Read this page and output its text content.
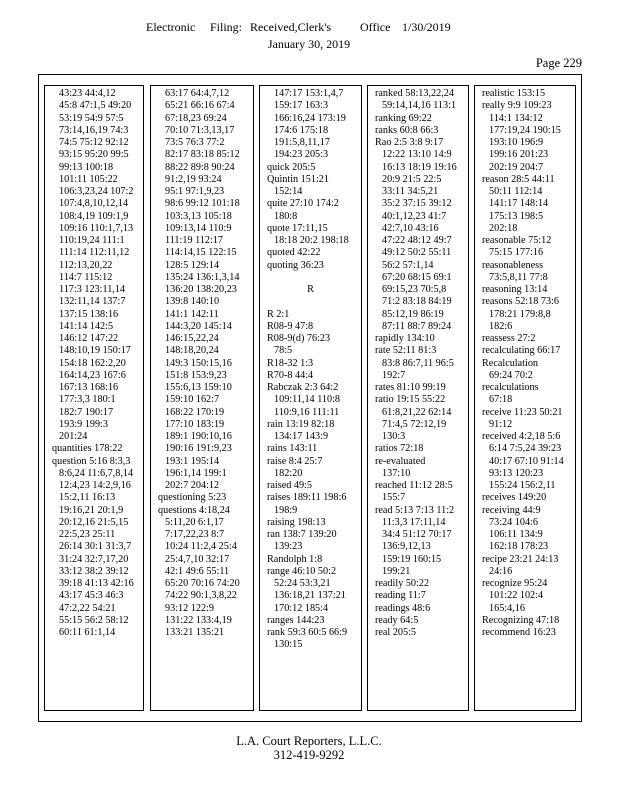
Electronic Filing: Received,Clerk's Office 1/30/2019
January 30, 2019
Page 229
43:23 44:4,12
45:8 47:1,5 49:20
53:19 54:9 57:5
73:14,16,19 74:3
74:5 75:12 92:12
93:15 95:20 99:5
99:13 100:18
101:11 105:22
106:3,23,24 107:2
107:4,8,10,12,14
108:4,19 109:1,9
109:16 110:1,7,13
110:19,24 111:1
111:14 112:11,12
112:13,20,22
114:7 115:12
117:3 123:11,14
132:11,14 137:7
137:15 138:16
141:14 142:5
146:12 147:22
148:10,19 150:17
154:18 162:2,20
164:14,23 167:6
167:13 168:16
177:3,3 180:1
182:7 190:17
193:9 199:3
201:24
quantities 178:22
question 5:16 8:3,3
8:6,24 11:6,7,8,14
12:4,23 14:2,9,16
15:2,11 16:13
19:16,21 20:1,9
20:12,16 21:5,15
22:5,23 25:11
26:14 30:1 31:3,7
31:24 32:7,17,20
33:12 38:2 39:12
39:18 41:13 42:16
43:17 45:3 46:3
47:2,22 54:21
55:15 56:2 58:12
60:11 61:1,14
63:17 64:4,7,12
65:21 66:16 67:4
67:18,23 69:24
70:10 71:3,13,17
73:5 76:3 77:2
82:17 83:18 85:12
88:22 89:8 90:24
91:2,19 93:24
95:1 97:1,9,23
98:6 99:12 101:18
103:3,13 105:18
109:13,14 110:9
111:19 112:17
114:14,15 122:15
128:5 129:14
135:24 136:1,3,14
136:20 138:20,23
139:8 140:10
141:1 142:11
144:3,20 145:14
146:15,22,24
148:18,20,24
149:3 150:15,16
151:8 153:9,23
155:6,13 159:10
159:10 162:7
168:22 170:19
177:10 183:19
189:1 190:10,16
190:16 191:9,23
193:1 195:14
196:1,14 199:1
202:7 204:12
questioning 5:23
questions 4:18,24
5:11,20 6:1,17
7:17,22,23 8:7
10:24 11:2,4 25:4
25:4,7,10 32:17
42:1 49:6 55:11
65:20 70:16 74:20
74:22 90:1,3,8,22
93:12 122:9
131:22 133:4,19
133:21 135:21
147:17 153:1,4,7
159:17 163:3
166:16,24 173:19
174:6 175:18
191:5,8,11,17
194:23 205:3
quick 205:5
Quintin 151:21
152:14
quite 27:10 174:2
180:8
quote 17:11,15
18:18 20:2 198:18
quoted 42:22
quoting 36:23

R

R 2:1
R08-9 47:8
R08-9(d) 76:23
78:5
R18-32 1:3
R70-8 44:4
Rabczak 2:3 64:2
109:11,14 110:8
110:9,16 111:11
rain 13:19 82:18
134:17 143:9
rains 143:11
raise 8:4 25:7
182:20
raised 49:5
raises 189:11 198:6
198:9
raising 198:13
ran 138:7 139:20
139:23
Randolph 1:8
range 46:10 50:2
52:24 53:3,21
136:18,21 137:21
170:12 185:4
ranges 144:23
rank 59:3 60:5 66:9
130:15
ranked 58:13,22,24
59:14,14,16 113:1
ranking 69:22
ranks 60:8 66:3
Rao 2:5 3:8 9:17
12:22 13:10 14:9
16:13 18:19 19:16
20:9 21:5 22:5
33:11 34:5,21
35:2 37:15 39:12
40:1,12,23 41:7
42:7,10 43:16
47:22 48:12 49:7
49:12 50:2 55:11
56:2 57:1,14
67:20 68:15 69:1
69:15,23 70:5,8
71:2 83:18 84:19
85:12,19 86:19
87:11 88:7 89:24
rapidly 134:10
rate 52:11 81:3
83:8 86:7,11 96:5
192:7
rates 81:10 99:19
ratio 19:15 55:22
61:8,21,22 62:14
71:4,5 72:12,19
130:3
ratios 72:18
re-evaluated
137:10
reached 11:12 28:5
155:7
read 5:13 7:13 11:2
11:3,3 17:11,14
34:4 51:12 70:17
136:9,12,13
159:19 160:15
199:21
readily 50:22
reading 11:7
readings 48:6
ready 64:5
real 205:5
realistic 153:15
really 9:9 109:23
114:1 134:12
177:19,24 190:15
193:10 196:9
199:16 201:23
202:19 204:7
reason 28:5 44:11
50:11 112:14
141:17 148:14
175:13 198:5
202:18
reasonable 75:12
75:15 177:16
reasonableness
73:5,8,11 77:8
reasoning 13:14
reasons 52:18 73:6
178:21 179:8,8
182:6
reassess 27:2
recalculating 66:17
Recalculation
69:24 70:2
recalculations
67:18
receive 11:23 50:21
91:12
received 4:2,18 5:6
6:14 7:5,24 39:23
40:17 67:10 91:14
93:13 120:23
155:24 156:2,11
receives 149:20
receiving 44:9
73:24 104:6
106:11 134:9
162:18 178:23
recipe 23:21 24:13
24:16
recognize 95:24
101:22 102:4
165:4,16
Recognizing 47:18
recommend 16:23
L.A. Court Reporters, L.L.C.
312-419-9292
